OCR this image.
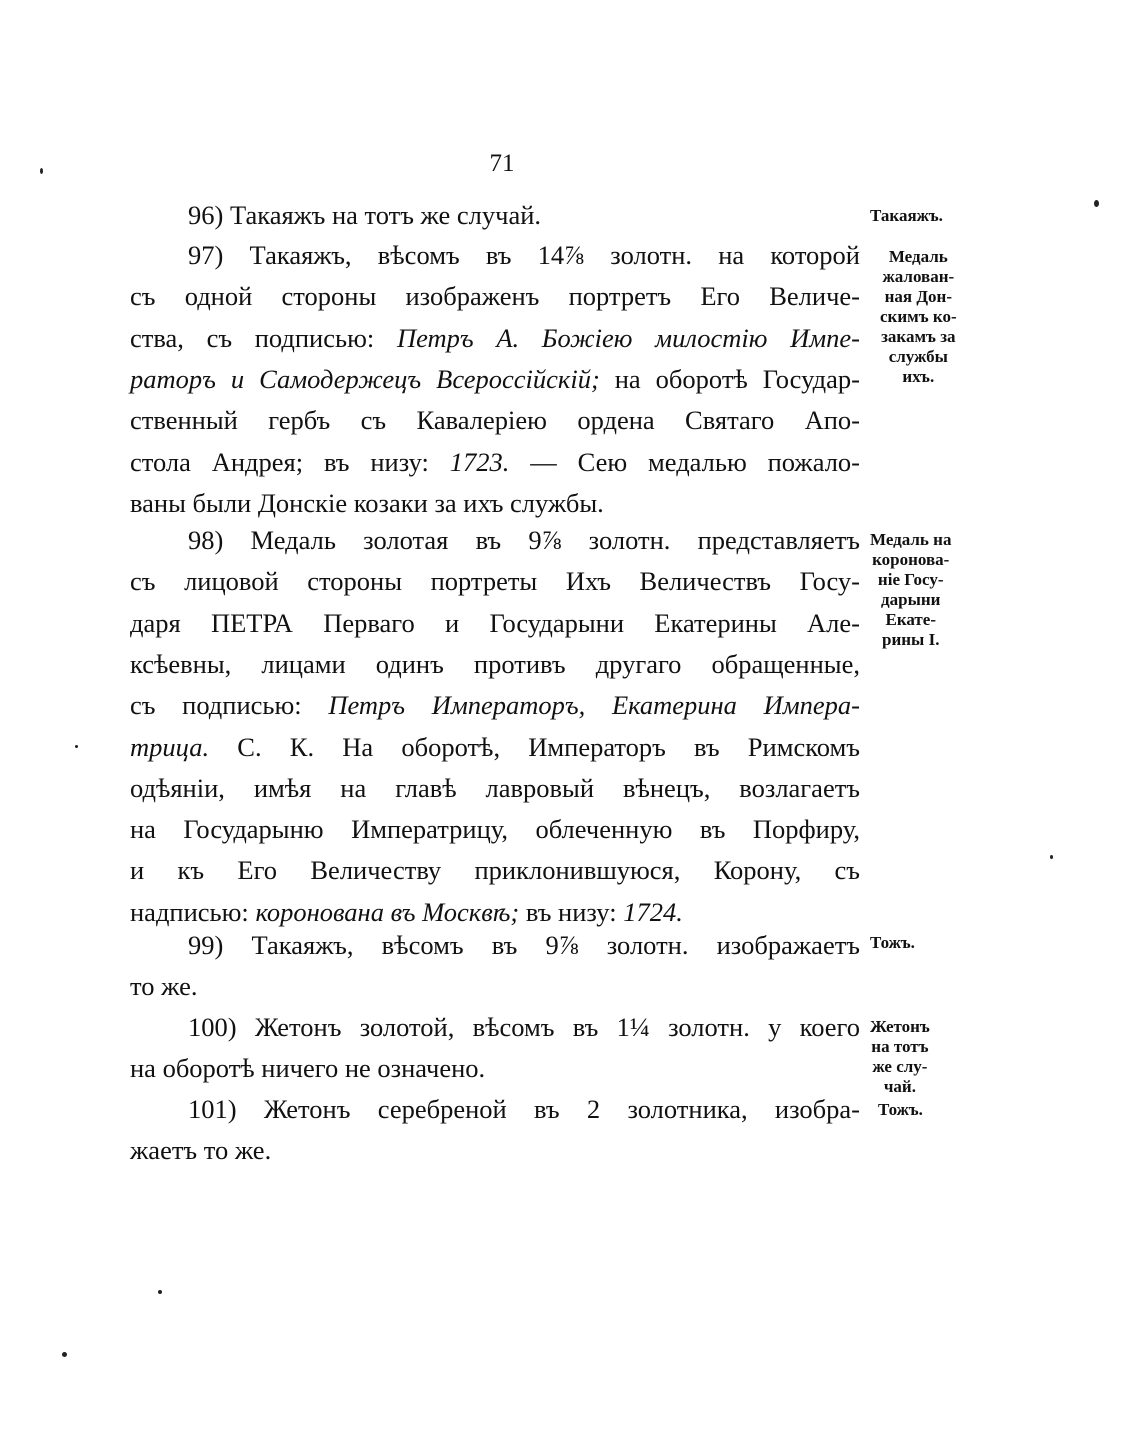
71
96) Такаяжъ на тотъ же случай.
97) Такаяжъ, вѣсомъ въ 14⅞ золотн. на которой
съ одной стороны изображенъ портретъ Его Величе-
ства, съ подписью: Петръ А. Божіею милостію Импе-
раторъ и Самодержецъ Всероссійскій; на оборотѣ Государ-
ственный гербъ съ Кавалеріею ордена Святаго Апо-
стола Андрея; въ низу: 1723. — Сею медалью пожало-
ваны были Донскіе козаки за ихъ службы.
98) Медаль золотая въ 9⅞ золотн. представляетъ
съ лицовой стороны портреты Ихъ Величествъ Госу-
даря ПЕТРА Перваго и Государыни Екатерины Але-
ксѣевны, лицами одинъ противъ другаго обращенные,
съ подписью: Петръ Императоръ, Екатерина Импера-
трица. С. К. На оборотѣ, Императоръ въ Римскомъ
одѣяніи, имѣя на главѣ лавровый вѣнецъ, возлагаетъ
на Государыню Императрицу, облеченную въ Порфиру,
и къ Его Величеству приклонившуюся, Корону, съ
надписью: коронована въ Москвѣ; въ низу: 1724.
99) Такаяжъ, вѣсомъ въ 9⅞ золотн. изображаетъ
то же.
100) Жетонъ золотой, вѣсомъ въ 1¼ золотн. у коего
на оборотѣ ничего не означено.
101) Жетонъ серебреной въ 2 золотника, изобра-
жаетъ то же.
Такаяжъ.
Медаль
жалован-
ная Дон-
скимъ ко-
закамъ за
службы
ихъ.
Медаль на
коронова-
ніе Госу-
дарыни
Екате-
рины I.
Тожъ.
Жетонъ
на тотъ
же слу-
чай.
Тожъ.
